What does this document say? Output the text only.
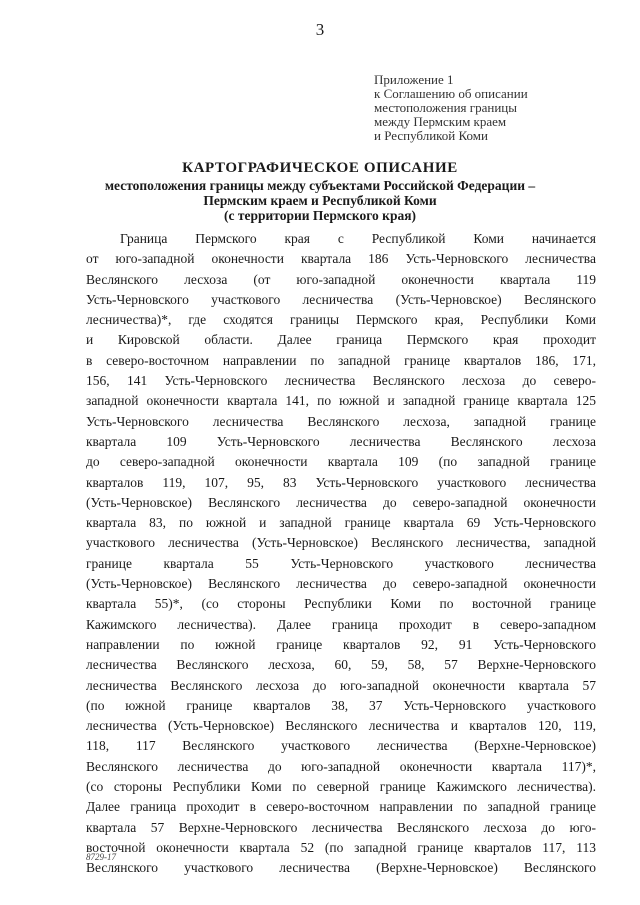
3
Приложение 1
к Соглашению об описании
местоположения границы
между Пермским краем
и Республикой Коми
КАРТОГРАФИЧЕСКОЕ ОПИСАНИЕ
местоположения границы между субъектами Российской Федерации –
Пермским краем и Республикой Коми
(с территории Пермского края)
Граница Пермского края с Республикой Коми начинается
от юго-западной оконечности квартала 186 Усть-Черновского лесничества
Веслянского лесхоза (от юго-западной оконечности квартала 119
Усть-Черновского участкового лесничества (Усть-Черновское) Веслянского
лесничества)*, где сходятся границы Пермского края, Республики Коми
и Кировской области. Далее граница Пермского края проходит
в северо-восточном направлении по западной границе кварталов 186, 171,
156, 141 Усть-Черновского лесничества Веслянского лесхоза до северо-
западной оконечности квартала 141, по южной и западной границе квартала 125
Усть-Черновского лесничества Веслянского лесхоза, западной границе
квартала 109 Усть-Черновского лесничества Веслянского лесхоза
до северо-западной оконечности квартала 109 (по западной границе
кварталов 119, 107, 95, 83 Усть-Черновского участкового лесничества
(Усть-Черновское) Веслянского лесничества до северо-западной оконечности
квартала 83, по южной и западной границе квартала 69 Усть-Черновского
участкового лесничества (Усть-Черновское) Веслянского лесничества, западной
границе квартала 55 Усть-Черновского участкового лесничества
(Усть-Черновское) Веслянского лесничества до северо-западной оконечности
квартала 55)*, (со стороны Республики Коми по восточной границе
Кажимского лесничества). Далее граница проходит в северо-западном
направлении по южной границе кварталов 92, 91 Усть-Черновского
лесничества Веслянского лесхоза, 60, 59, 58, 57 Верхне-Черновского
лесничества Веслянского лесхоза до юго-западной оконечности квартала 57
(по южной границе кварталов 38, 37 Усть-Черновского участкового
лесничества (Усть-Черновское) Веслянского лесничества и кварталов 120, 119,
118, 117 Веслянского участкового лесничества (Верхне-Черновское)
Веслянского лесничества до юго-западной оконечности квартала 117)*,
(со стороны Республики Коми по северной границе Кажимского лесничества).
Далее граница проходит в северо-восточном направлении по западной границе
квартала 57 Верхне-Черновского лесничества Веслянского лесхоза до юго-
восточной оконечности квартала 52 (по западной границе кварталов 117, 113
Веслянского участкового лесничества (Верхне-Черновское) Веслянского
8729-17
